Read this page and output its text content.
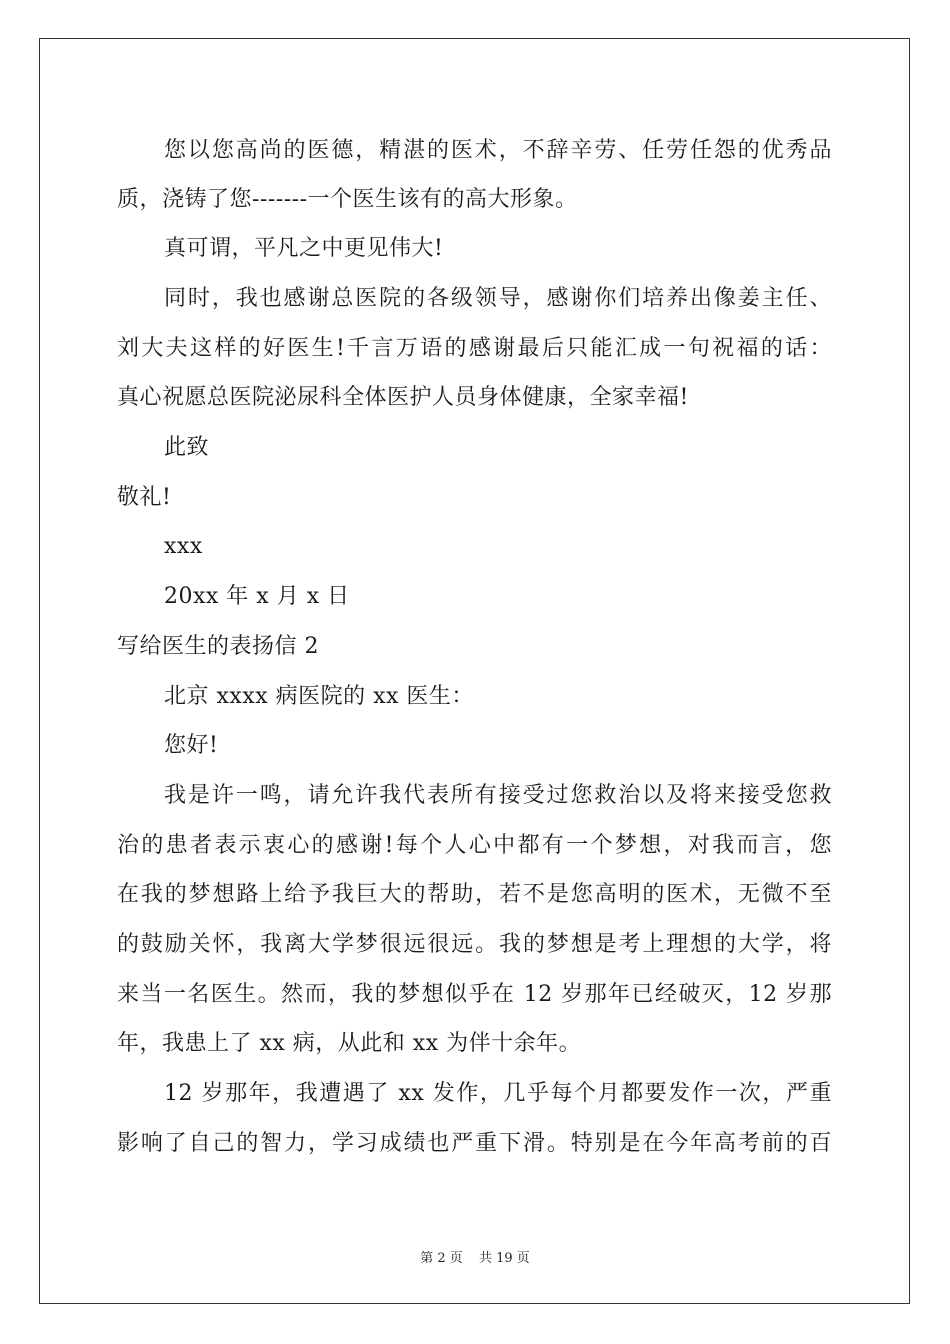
您以您高尚的医德，精湛的医术，不辞辛劳、任劳任怨的优秀品
质，浇铸了您-------一个医生该有的高大形象。
真可谓，平凡之中更见伟大!
同时，我也感谢总医院的各级领导，感谢你们培养出像姜主任、
刘大夫这样的好医生!千言万语的感谢最后只能汇成一句祝福的话：
真心祝愿总医院泌尿科全体医护人员身体健康，全家幸福!
此致
敬礼!
xxx
20xx 年 x 月 x 日
写给医生的表扬信 2
北京 xxxx 病医院的 xx 医生：
您好!
我是许一鸣，请允许我代表所有接受过您救治以及将来接受您救
治的患者表示衷心的感谢!每个人心中都有一个梦想，对我而言，您
在我的梦想路上给予我巨大的帮助，若不是您高明的医术，无微不至
的鼓励关怀，我离大学梦很远很远。我的梦想是考上理想的大学，将
来当一名医生。然而，我的梦想似乎在 12 岁那年已经破灭，12 岁那
年，我患上了 xx 病，从此和 xx 为伴十余年。
12 岁那年，我遭遇了 xx 发作，几乎每个月都要发作一次，严重
影响了自己的智力，学习成绩也严重下滑。特别是在今年高考前的百
第 2 页 共 19 页
